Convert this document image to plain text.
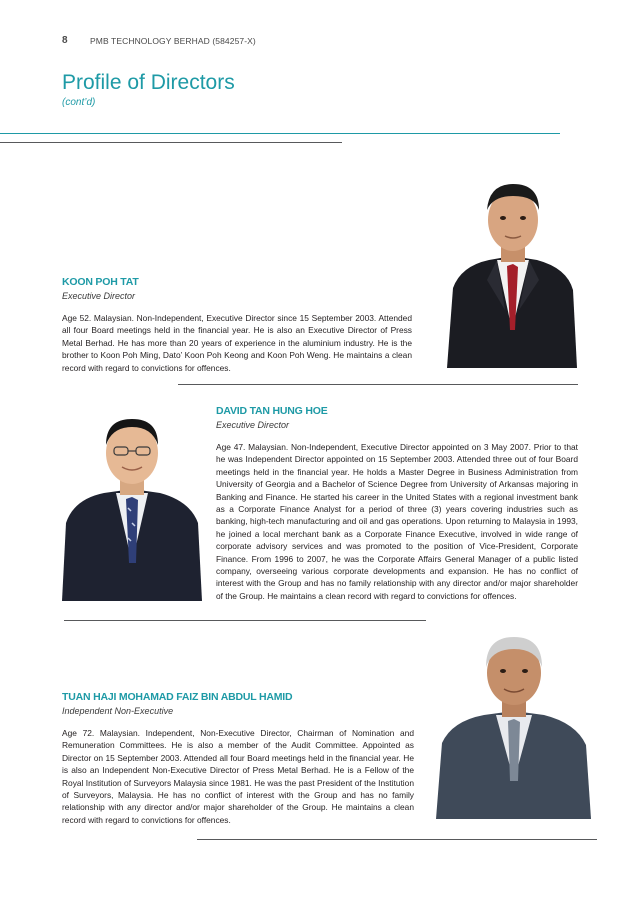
8	PMB TECHNOLOGY BERHAD (584257-X)
Profile of Directors
(cont’d)
KOON POH TAT
Executive Director
Age 52. Malaysian. Non-Independent, Executive Director since 15 September 2003. Attended all four Board meetings held in the financial year. He is also an Executive Director of Press Metal Berhad. He has more than 20 years of experience in the aluminium industry. He is the brother to Koon Poh Ming, Dato’ Koon Poh Keong and Koon Poh Weng. He maintains a clean record with regard to convictions for offences.
DAVID TAN HUNG HOE
Executive Director
Age 47. Malaysian. Non-Independent, Executive Director appointed on 3 May 2007. Prior to that he was Independent Director appointed on 15 September 2003. Attended three out of four Board meetings held in the financial year. He holds a Master Degree in Business Administration from University of Georgia and a Bachelor of Science Degree from University of Arkansas majoring in Banking and Finance. He started his career in the United States with a regional investment bank as a Corporate Finance Analyst for a period of three (3) years covering industries such as banking, high-tech manufacturing and oil and gas operations. Upon returning to Malaysia in 1993, he joined a local merchant bank as a Corporate Finance Executive, involved in wide range of corporate advisory services and was promoted to the position of Vice-President, Corporate Finance. From 1996 to 2007, he was the Corporate Affairs General Manager of a public listed company, overseeing various corporate developments and expansion. He has no conflict of interest with the Group and has no family relationship with any director and/or major shareholder of the Group. He maintains a clean record with regard to convictions for offences.
TUAN HAJI MOHAMAD FAIZ BIN ABDUL HAMID
Independent Non-Executive
Age 72. Malaysian. Independent, Non-Executive Director, Chairman of Nomination and Remuneration Committees. He is also a member of the Audit Committee. Appointed as Director on 15 September 2003. Attended all four Board meetings held in the financial year. He is also an Independent Non-Executive Director of Press Metal Berhad. He is a Fellow of the Royal Institution of Surveyors Malaysia since 1981. He was the past President of the Institution of Surveyors, Malaysia. He has no conflict of interest with the Group and has no family relationship with any director and/or major shareholder of the Group. He maintains a clean record with regard to convictions for offences.
